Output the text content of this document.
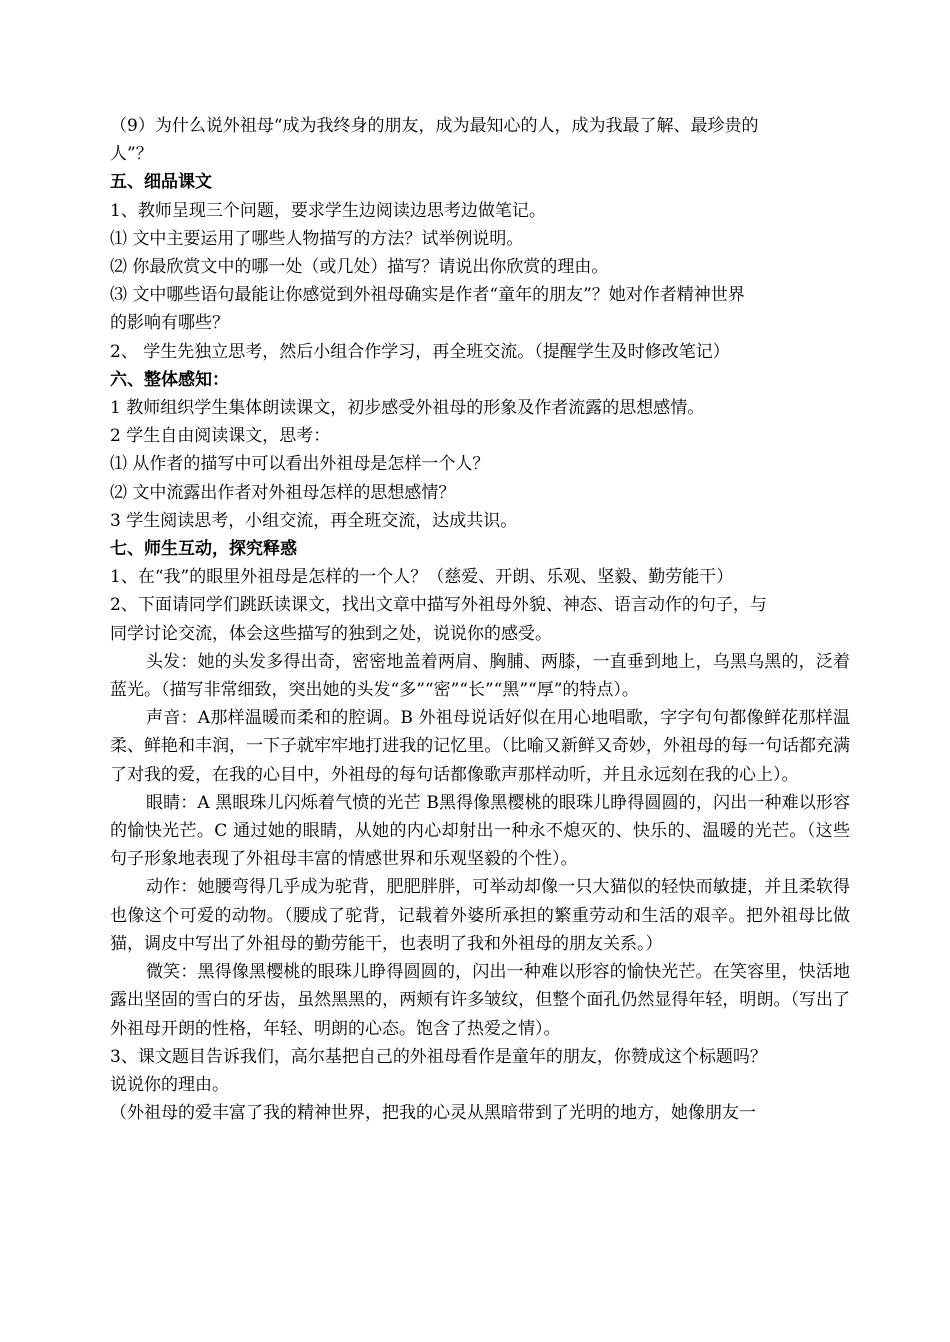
（9）为什么说外祖母“成为我终身的朋友，成为最知心的人，成为我最了解、最珍贵的
人”？
五、细品课文
1、教师呈现三个问题，要求学生边阅读边思考边做笔记。
⑴ 文中主要运用了哪些人物描写的方法？试举例说明。
⑵ 你最欣赏文中的哪一处（或几处）描写？请说出你欣赏的理由。
⑶ 文中哪些语句最能让你感觉到外祖母确实是作者“童年的朋友”？她对作者精神世界
的影响有哪些？
2、 学生先独立思考，然后小组合作学习，再全班交流。（提醒学生及时修改笔记）
六、整体感知：
1 教师组织学生集体朗读课文，初步感受外祖母的形象及作者流露的思想感情。
2 学生自由阅读课文，思考：
⑴ 从作者的描写中可以看出外祖母是怎样一个人？
⑵ 文中流露出作者对外祖母怎样的思想感情？
3 学生阅读思考，小组交流，再全班交流，达成共识。
七、师生互动，探究释惑
1、在“我”的眼里外祖母是怎样的一个人？（慈爱、开朗、乐观、坚毅、勤劳能干）
2、下面请同学们跳跃读课文，找出文章中描写外祖母外貌、神态、语言动作的句子，与
同学讨论交流，体会这些描写的独到之处，说说你的感受。

头发：她的头发多得出奇，密密地盖着两肩、胸脯、两膝，一直垂到地上，乌黑乌黑的，泛着蓝光。（描写非常细致，突出她的头发“多”“密”“长”“黑”“厚”的特点）。

声音：A那样温暖而柔和的腔调。B 外祖母说话好似在用心地唱歌，字字句句都像鲜花那样温柔、鲜艳和丰润，一下子就牢牢地打进我的记忆里。（比喻又新鲜又奇妙，外祖母的每一句话都充满了对我的爱，在我的心目中，外祖母的每句话都像歌声那样动听，并且永远刻在我的心上）。

眼睛：A 黑眼珠儿闪烁着气愤的光芒 B黑得像黑樱桃的眼珠儿睁得圆圆的，闪出一种难以形容的愉快光芒。C 通过她的眼睛，从她的内心却射出一种永不熄灭的、快乐的、温暖的光芒。（这些句子形象地表现了外祖母丰富的情感世界和乐观坚毅的个性）。

动作：她腰弯得几乎成为驼背，肥肥胖胖，可举动却像一只大猫似的轻快而敏捷，并且柔软得也像这个可爱的动物。（腰成了驼背，记载着外婆所承担的繁重劳动和生活的艰辛。把外祖母比做猫，调皮中写出了外祖母的勤劳能干，也表明了我和外祖母的朋友关系。）

微笑：黑得像黑樱桃的眼珠儿睁得圆圆的，闪出一种难以形容的愉快光芒。在笑容里，快活地露出坚固的雪白的牙齿，虽然黑黑的，两颊有许多皱纹，但整个面孔仍然显得年轻，明朗。（写出了外祖母开朗的性格，年轻、明朗的心态。饱含了热爱之情）。

3、课文题目告诉我们，高尔基把自己的外祖母看作是童年的朋友，你赞成这个标题吗？
说说你的理由。
（外祖母的爱丰富了我的精神世界，把我的心灵从黑暗带到了光明的地方，她像朋友一
